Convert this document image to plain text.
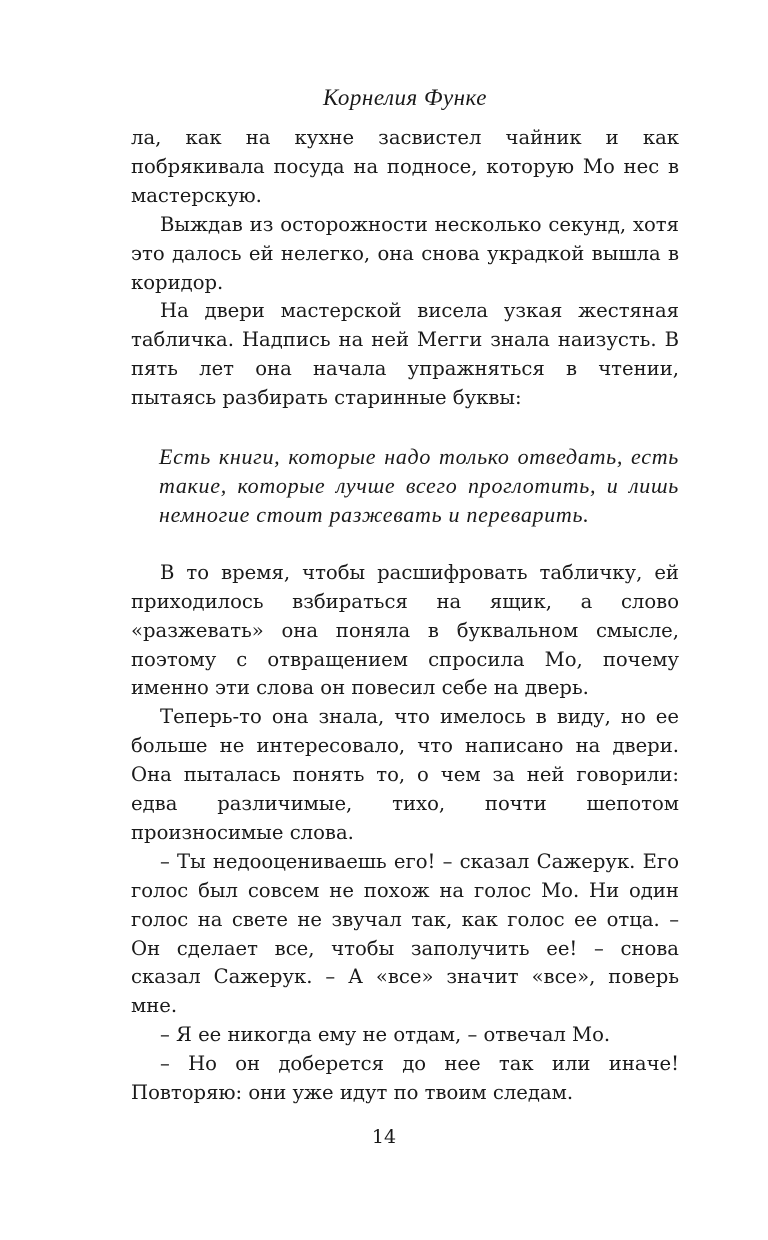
Корнелия Функе

ла, как на кухне засвистел чайник и как побрякивала посуда на подносе, которую Мо нес в мастерскую.

Выждав из осторожности несколько секунд, хотя это далось ей нелегко, она снова украдкой вышла в коридор.

На двери мастерской висела узкая жестяная табличка. Надпись на ней Мегги знала наизусть. В пять лет она начала упражняться в чтении, пытаясь разбирать старинные буквы:

Есть книги, которые надо только отведать, есть такие, которые лучше всего проглотить, и лишь немногие стоит разжевать и переварить.

В то время, чтобы расшифровать табличку, ей приходилось взбираться на ящик, а слово «разжевать» она поняла в буквальном смысле, поэтому с отвращением спросила Мо, почему именно эти слова он повесил себе на дверь.

Теперь-то она знала, что имелось в виду, но ее больше не интересовало, что написано на двери. Она пыталась понять то, о чем за ней говорили: едва различимые, тихо, почти шепотом произносимые слова.

– Ты недооцениваешь его! – сказал Сажерук. Его голос был совсем не похож на голос Мо. Ни один голос на свете не звучал так, как голос ее отца. – Он сделает все, чтобы заполучить ее! – снова сказал Сажерук. – А «все» значит «все», поверь мне.

– Я ее никогда ему не отдам, – отвечал Мо.

– Но он доберется до нее так или иначе! Повторяю: они уже идут по твоим следам.

14
